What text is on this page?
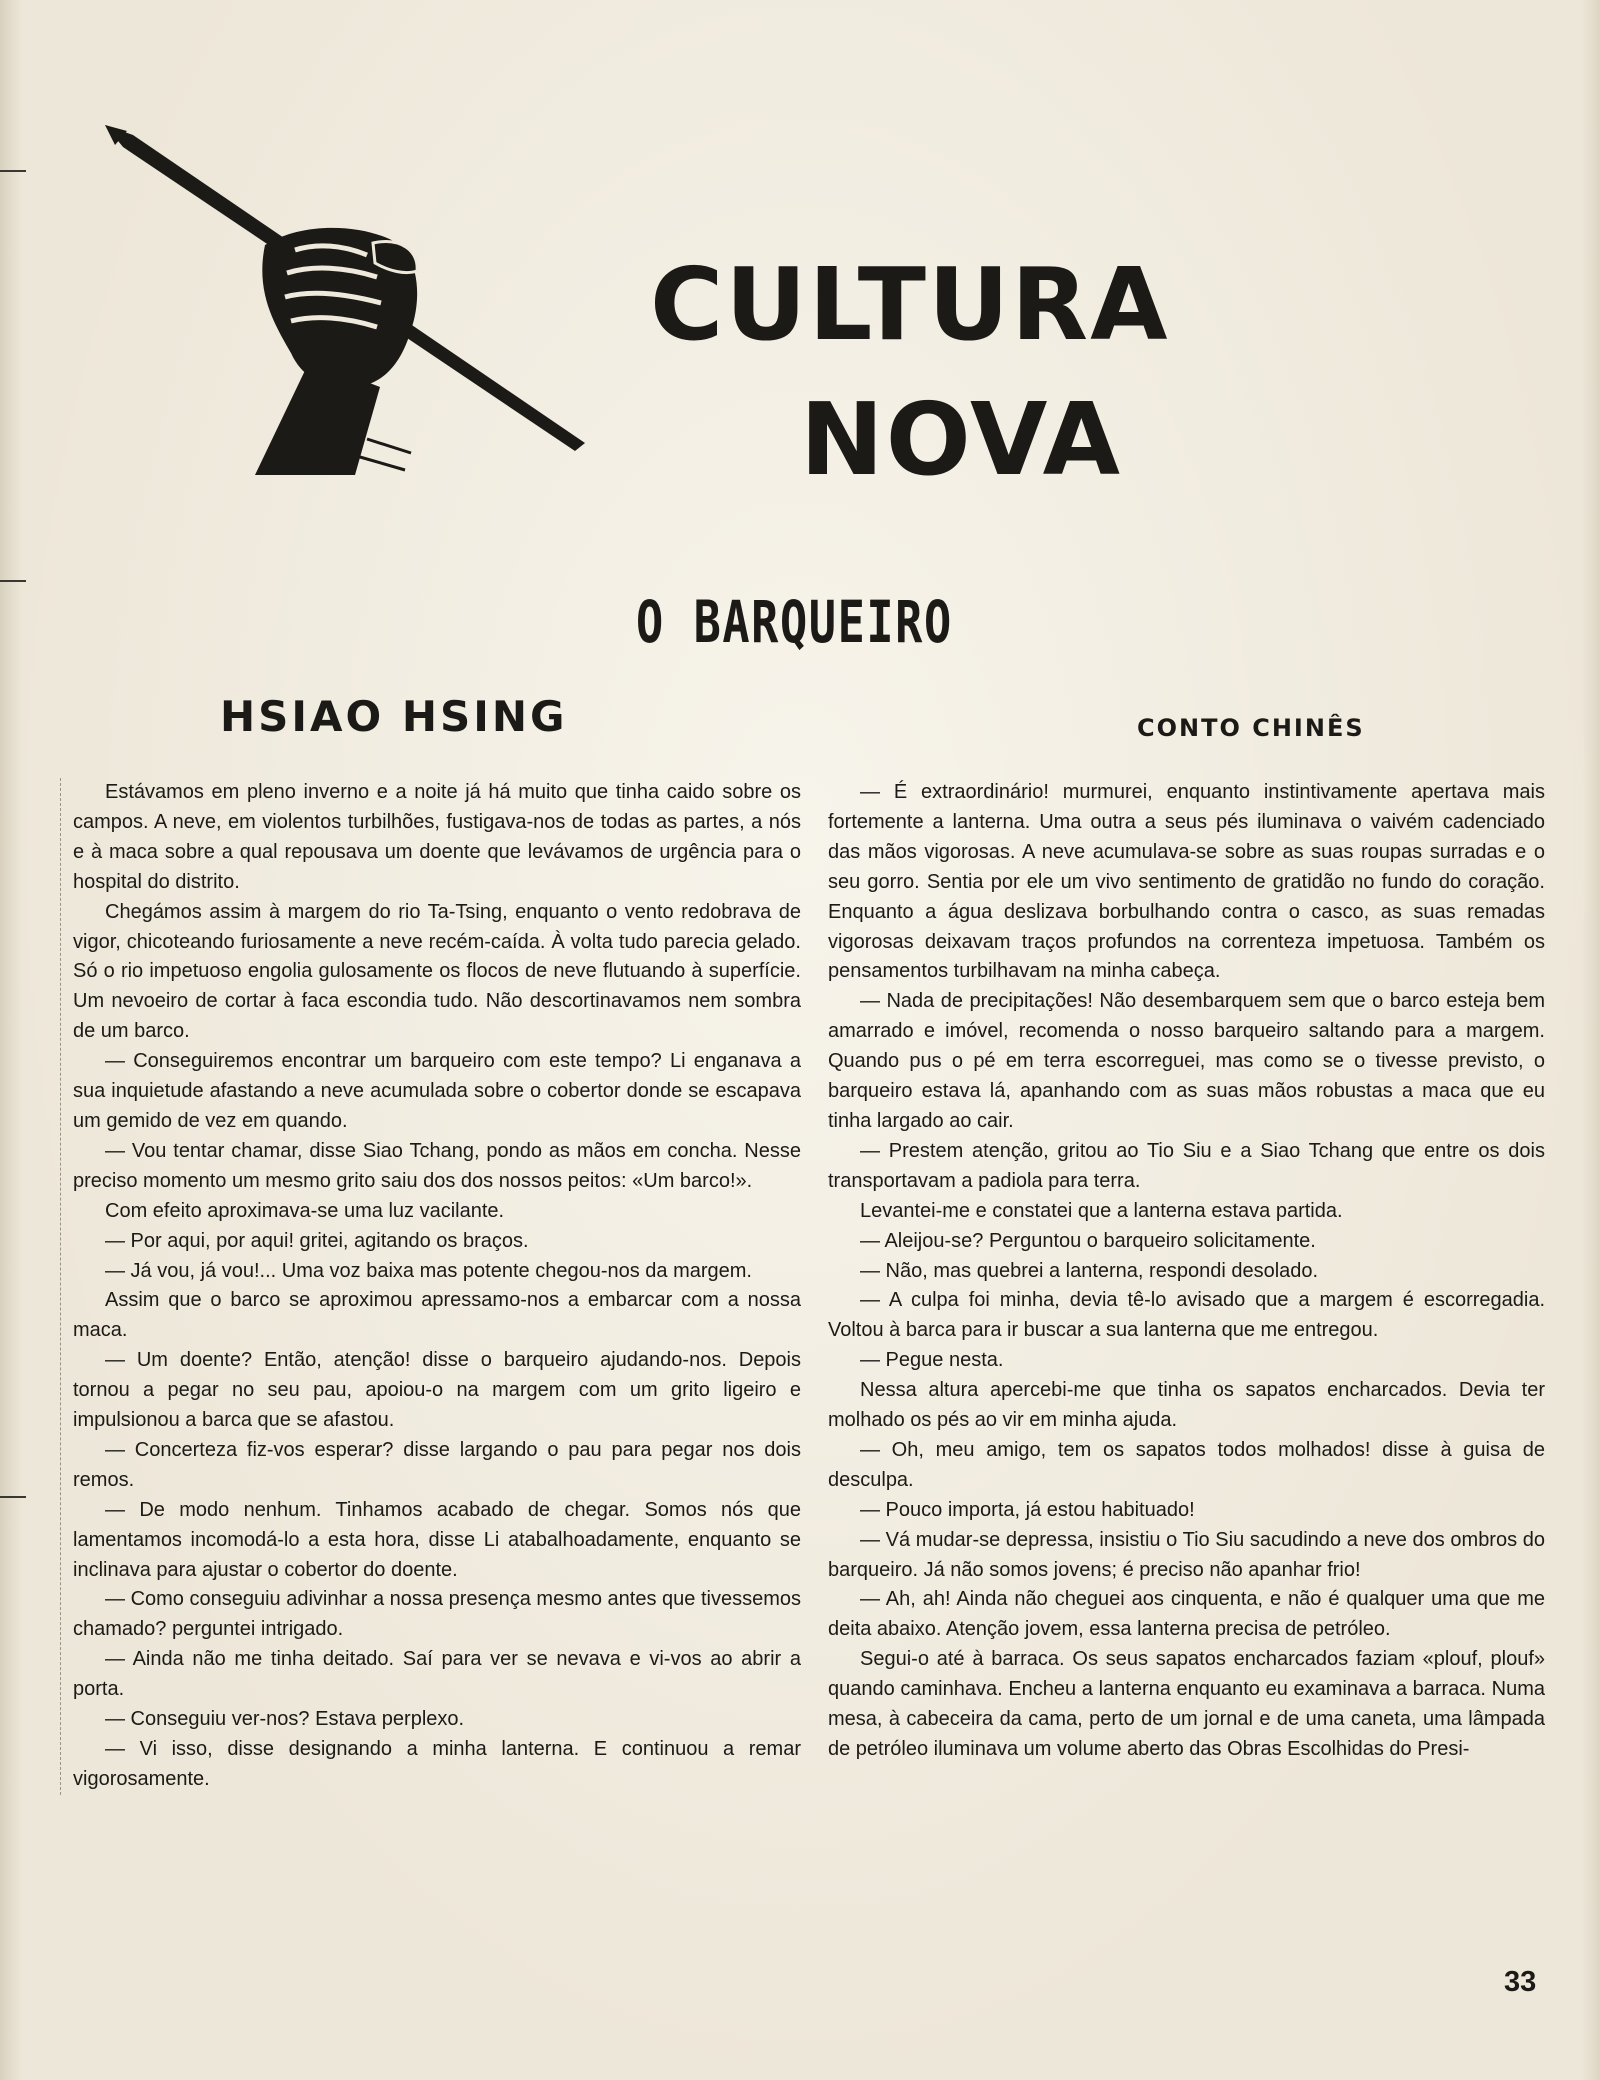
CULTURA
NOVA
O BARQUEIRO
HSIAO HSING	CONTO CHINÊS

Estávamos em pleno inverno e a noite já há muito que tinha caido sobre os campos. A neve, em violentos turbilhões, fustigava-nos de todas as partes, a nós e à maca sobre a qual repousava um doente que levávamos de urgência para o hospital do distrito.

Chegámos assim à margem do rio Ta-Tsing, enquanto o vento redobrava de vigor, chicoteando furiosamente a neve recém-caída. À volta tudo parecia gelado. Só o rio impetuoso engolia gulosamente os flocos de neve flutuando à superfície. Um nevoeiro de cortar à faca escondia tudo. Não descortinavamos nem sombra de um barco.

— Conseguiremos encontrar um barqueiro com este tempo? Li enganava a sua inquietude afastando a neve acumulada sobre o cobertor donde se escapava um gemido de vez em quando.

— Vou tentar chamar, disse Siao Tchang, pondo as mãos em concha. Nesse preciso momento um mesmo grito saiu dos dos nossos peitos: «Um barco!».

Com efeito aproximava-se uma luz vacilante.

— Por aqui, por aqui! gritei, agitando os braços.

— Já vou, já vou!... Uma voz baixa mas potente chegou-nos da margem.

Assim que o barco se aproximou apressamo-nos a embarcar com a nossa maca.

— Um doente? Então, atenção! disse o barqueiro ajudando-nos. Depois tornou a pegar no seu pau, apoiou-o na margem com um grito ligeiro e impulsionou a barca que se afastou.

— Concerteza fiz-vos esperar? disse largando o pau para pegar nos dois remos.

— De modo nenhum. Tinhamos acabado de chegar. Somos nós que lamentamos incomodá-lo a esta hora, disse Li atabalhoadamente, enquanto se inclinava para ajustar o cobertor do doente.

— Como conseguiu adivinhar a nossa presença mesmo antes que tivessemos chamado? perguntei intrigado.

— Ainda não me tinha deitado. Saí para ver se nevava e vi-vos ao abrir a porta.

— Conseguiu ver-nos? Estava perplexo.

— Vi isso, disse designando a minha lanterna. E continuou a remar vigorosamente.

— É extraordinário! murmurei, enquanto instintivamente apertava mais fortemente a lanterna. Uma outra a seus pés iluminava o vaivém cadenciado das mãos vigorosas. A neve acumulava-se sobre as suas roupas surradas e o seu gorro. Sentia por ele um vivo sentimento de gratidão no fundo do coração. Enquanto a água deslizava borbulhando contra o casco, as suas remadas vigorosas deixavam traços profundos na correnteza impetuosa. Também os pensamentos turbilhavam na minha cabeça.

— Nada de precipitações! Não desembarquem sem que o barco esteja bem amarrado e imóvel, recomenda o nosso barqueiro saltando para a margem. Quando pus o pé em terra escorreguei, mas como se o tivesse previsto, o barqueiro estava lá, apanhando com as suas mãos robustas a maca que eu tinha largado ao cair.

— Prestem atenção, gritou ao Tio Siu e a Siao Tchang que entre os dois transportavam a padiola para terra.

Levantei-me e constatei que a lanterna estava partida.

— Aleijou-se? Perguntou o barqueiro solicitamente.

— Não, mas quebrei a lanterna, respondi desolado.

— A culpa foi minha, devia tê-lo avisado que a margem é escorregadia. Voltou à barca para ir buscar a sua lanterna que me entregou.

— Pegue nesta.

Nessa altura apercebi-me que tinha os sapatos encharcados. Devia ter molhado os pés ao vir em minha ajuda.

— Oh, meu amigo, tem os sapatos todos molhados! disse à guisa de desculpa.

— Pouco importa, já estou habituado!

— Vá mudar-se depressa, insistiu o Tio Siu sacudindo a neve dos ombros do barqueiro. Já não somos jovens; é preciso não apanhar frio!

— Ah, ah! Ainda não cheguei aos cinquenta, e não é qualquer uma que me deita abaixo. Atenção jovem, essa lanterna precisa de petróleo.

Segui-o até à barraca. Os seus sapatos encharcados faziam «plouf, plouf» quando caminhava. Encheu a lanterna enquanto eu examinava a barraca. Numa mesa, à cabeceira da cama, perto de um jornal e de uma caneta, uma lâmpada de petróleo iluminava um volume aberto das Obras Escolhidas do Presi-

33
